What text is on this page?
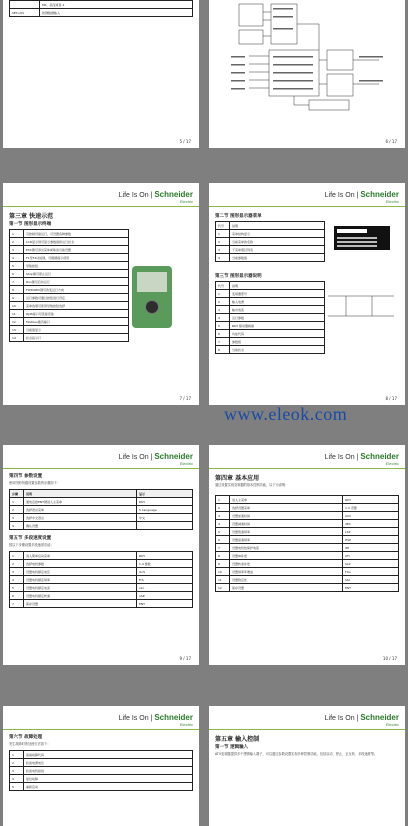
	Mb、高压或者-1
SET-LUS	按键数据输入
5 / 17	6 / 17
Life Is On | Schneider
Electric
第三章 快速示范
第一节 图形显示终端
1	可控制设备运行，可设置各种参数
2	LCD显示屏可显示参数值和运行状态
3	ESC键可退出菜单或取消当前设置
4	F1至F4功能键，可根据提示使用
5	导航按钮
6	Stop键可停止运行
7	Run键可启动运行
8	FWD/REV键可改变运行方向
9	运行参数可通过按钮进行设定
10	菜单选项可使用导航按钮选择
11	RJ45接口可连接设备
12	Modbus通讯端口
13	当前值显示
14	状态指示灯
7 / 17
Life Is On | Schneider
Electric
第二节 图形显示器菜单
代号	说明
1	菜单结构显示
2	当前菜单的名称
3	子菜单项目列表
4	当前参数值
第三节 图形显示器说明
代号	说明
1	变频器型号
2	输入电源
3	输出电流
4	运行参数
5	RDY 驱动器就绪
6	功能代码
7	参数组
8	当前状态
8 / 17
www.eleok.com
Life Is On | Schneider
Electric
第四节 参数设置
使用图形终端设置参数的步骤如下：
步骤	说明	显示
1	通电后按ENT键进入主菜单	RDY
2	选择语言菜单	5 Language
3	选择中文语言	中文
4	确认设置	
第五节 多段速度设置
按以下步骤设置多段速度功能：
1	进入简单启动菜单	RDY
2	选择电机参数	1.4 参数
3	设置电机额定电压	UnS
4	设置电机额定频率	FrS
5	设置电机额定电流	nCr
6	设置电机额定转速	nSP
7	保存设置	ENT
9 / 17
Life Is On | Schneider
Electric
第四章 基本应用
通过设置实现变频器的基本控制功能，以下为说明：
1	进入主菜单	RDY
2	选择设置菜单	1.3 设置
3	设置加速时间	ACC
4	设置减速时间	dEC
5	设置低速频率	LSP
6	设置高速频率	HSP
7	设置电机热保护电流	ItH
8	设置IR补偿	UFr
9	设置转差补偿	SLP
10	设置频率环增益	FLG
11	设置稳定性	StA
12	保存设置	ENT
10 / 17
Life Is On | Schneider
Electric
第六节 故障处理
发生故障时的处理方法如下：
1	查看故障代码
2	检查电源电压
3	检查电机接线
4	复位故障
5	重新启动
Life Is On | Schneider
Electric
第五章 输入控制
第一节 逻辑输入
ATV变频器提供多个逻辑输入端子，可以通过参数设置实现多种控制功能，包括启动、停止、正反转、多段速度等。
